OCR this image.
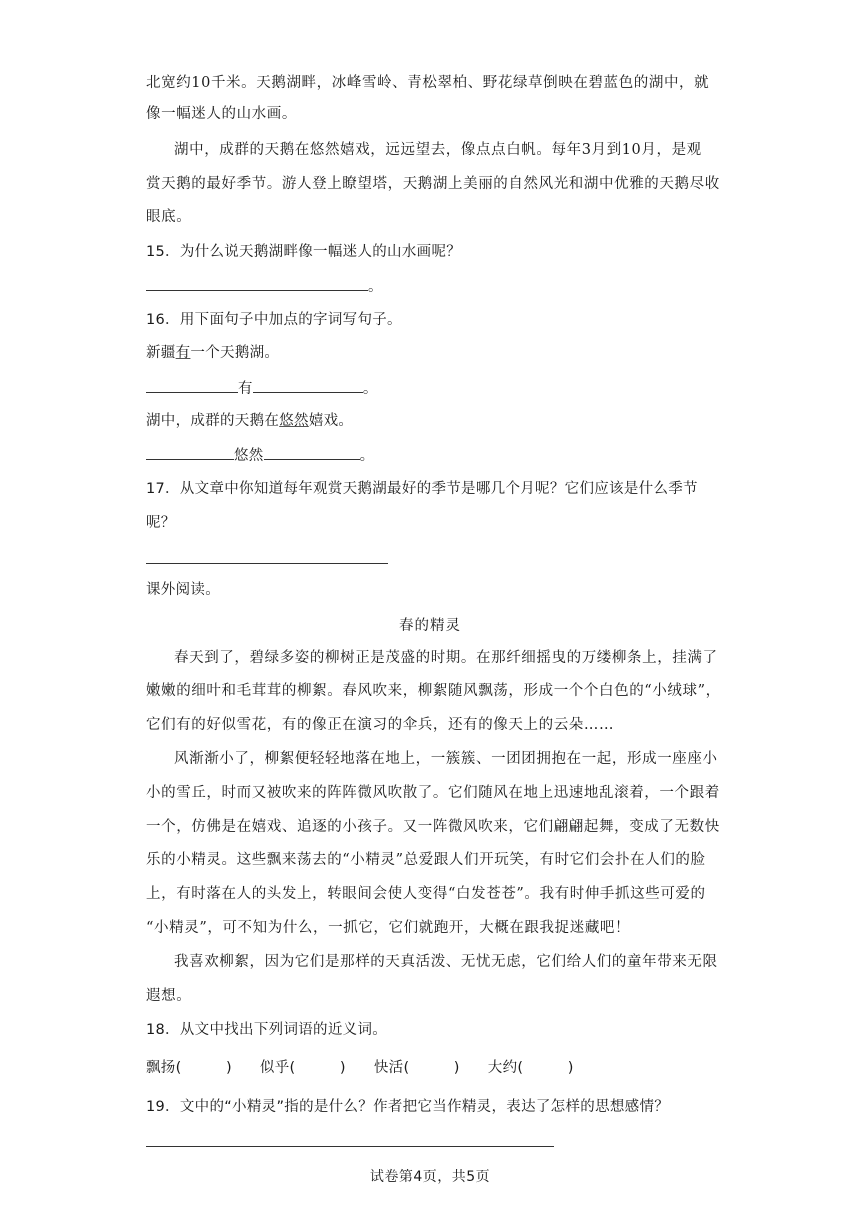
北宽约10千米。天鹅湖畔，冰峰雪岭、青松翠柏、野花绿草倒映在碧蓝色的湖中，就
像一幅迷人的山水画。
湖中，成群的天鹅在悠然嬉戏，远远望去，像点点白帆。每年3月到10月，是观
赏天鹅的最好季节。游人登上瞭望塔，天鹅湖上美丽的自然风光和湖中优雅的天鹅尽收
眼底。
15．为什么说天鹅湖畔像一幅迷人的山水画呢？
。
16．用下面句子中加点的字词写句子。
新疆有一个天鹅湖。
有	。
湖中，成群的天鹅在悠然嬉戏。
悠然	。
17．从文章中你知道每年观赏天鹅湖最好的季节是哪几个月呢？它们应该是什么季节
呢？
课外阅读。
春的精灵
春天到了，碧绿多姿的柳树正是茂盛的时期。在那纤细摇曳的万缕柳条上，挂满了
嫩嫩的细叶和毛茸茸的柳絮。春风吹来，柳絮随风飘荡，形成一个个白色的“小绒球”，
它们有的好似雪花，有的像正在演习的伞兵，还有的像天上的云朵……
风渐渐小了，柳絮便轻轻地落在地上，一簇簇、一团团拥抱在一起，形成一座座小
小的雪丘，时而又被吹来的阵阵微风吹散了。它们随风在地上迅速地乱滚着，一个跟着
一个，仿佛是在嬉戏、追逐的小孩子。又一阵微风吹来，它们翩翩起舞，变成了无数快
乐的小精灵。这些飘来荡去的“小精灵”总爱跟人们开玩笑，有时它们会扑在人们的脸
上，有时落在人的头发上，转眼间会使人变得“白发苍苍”。我有时伸手抓这些可爱的
“小精灵”，可不知为什么，一抓它，它们就跑开，大概在跟我捉迷藏吧！
我喜欢柳絮，因为它们是那样的天真活泼、无忧无虑，它们给人们的童年带来无限
遐想。
18．从文中找出下列词语的近义词。
飘扬(　　　) 似乎(　　　) 快活(　　　) 大约(　　　)
19．文中的“小精灵”指的是什么？作者把它当作精灵，表达了怎样的思想感情？
试卷第4页，共5页
